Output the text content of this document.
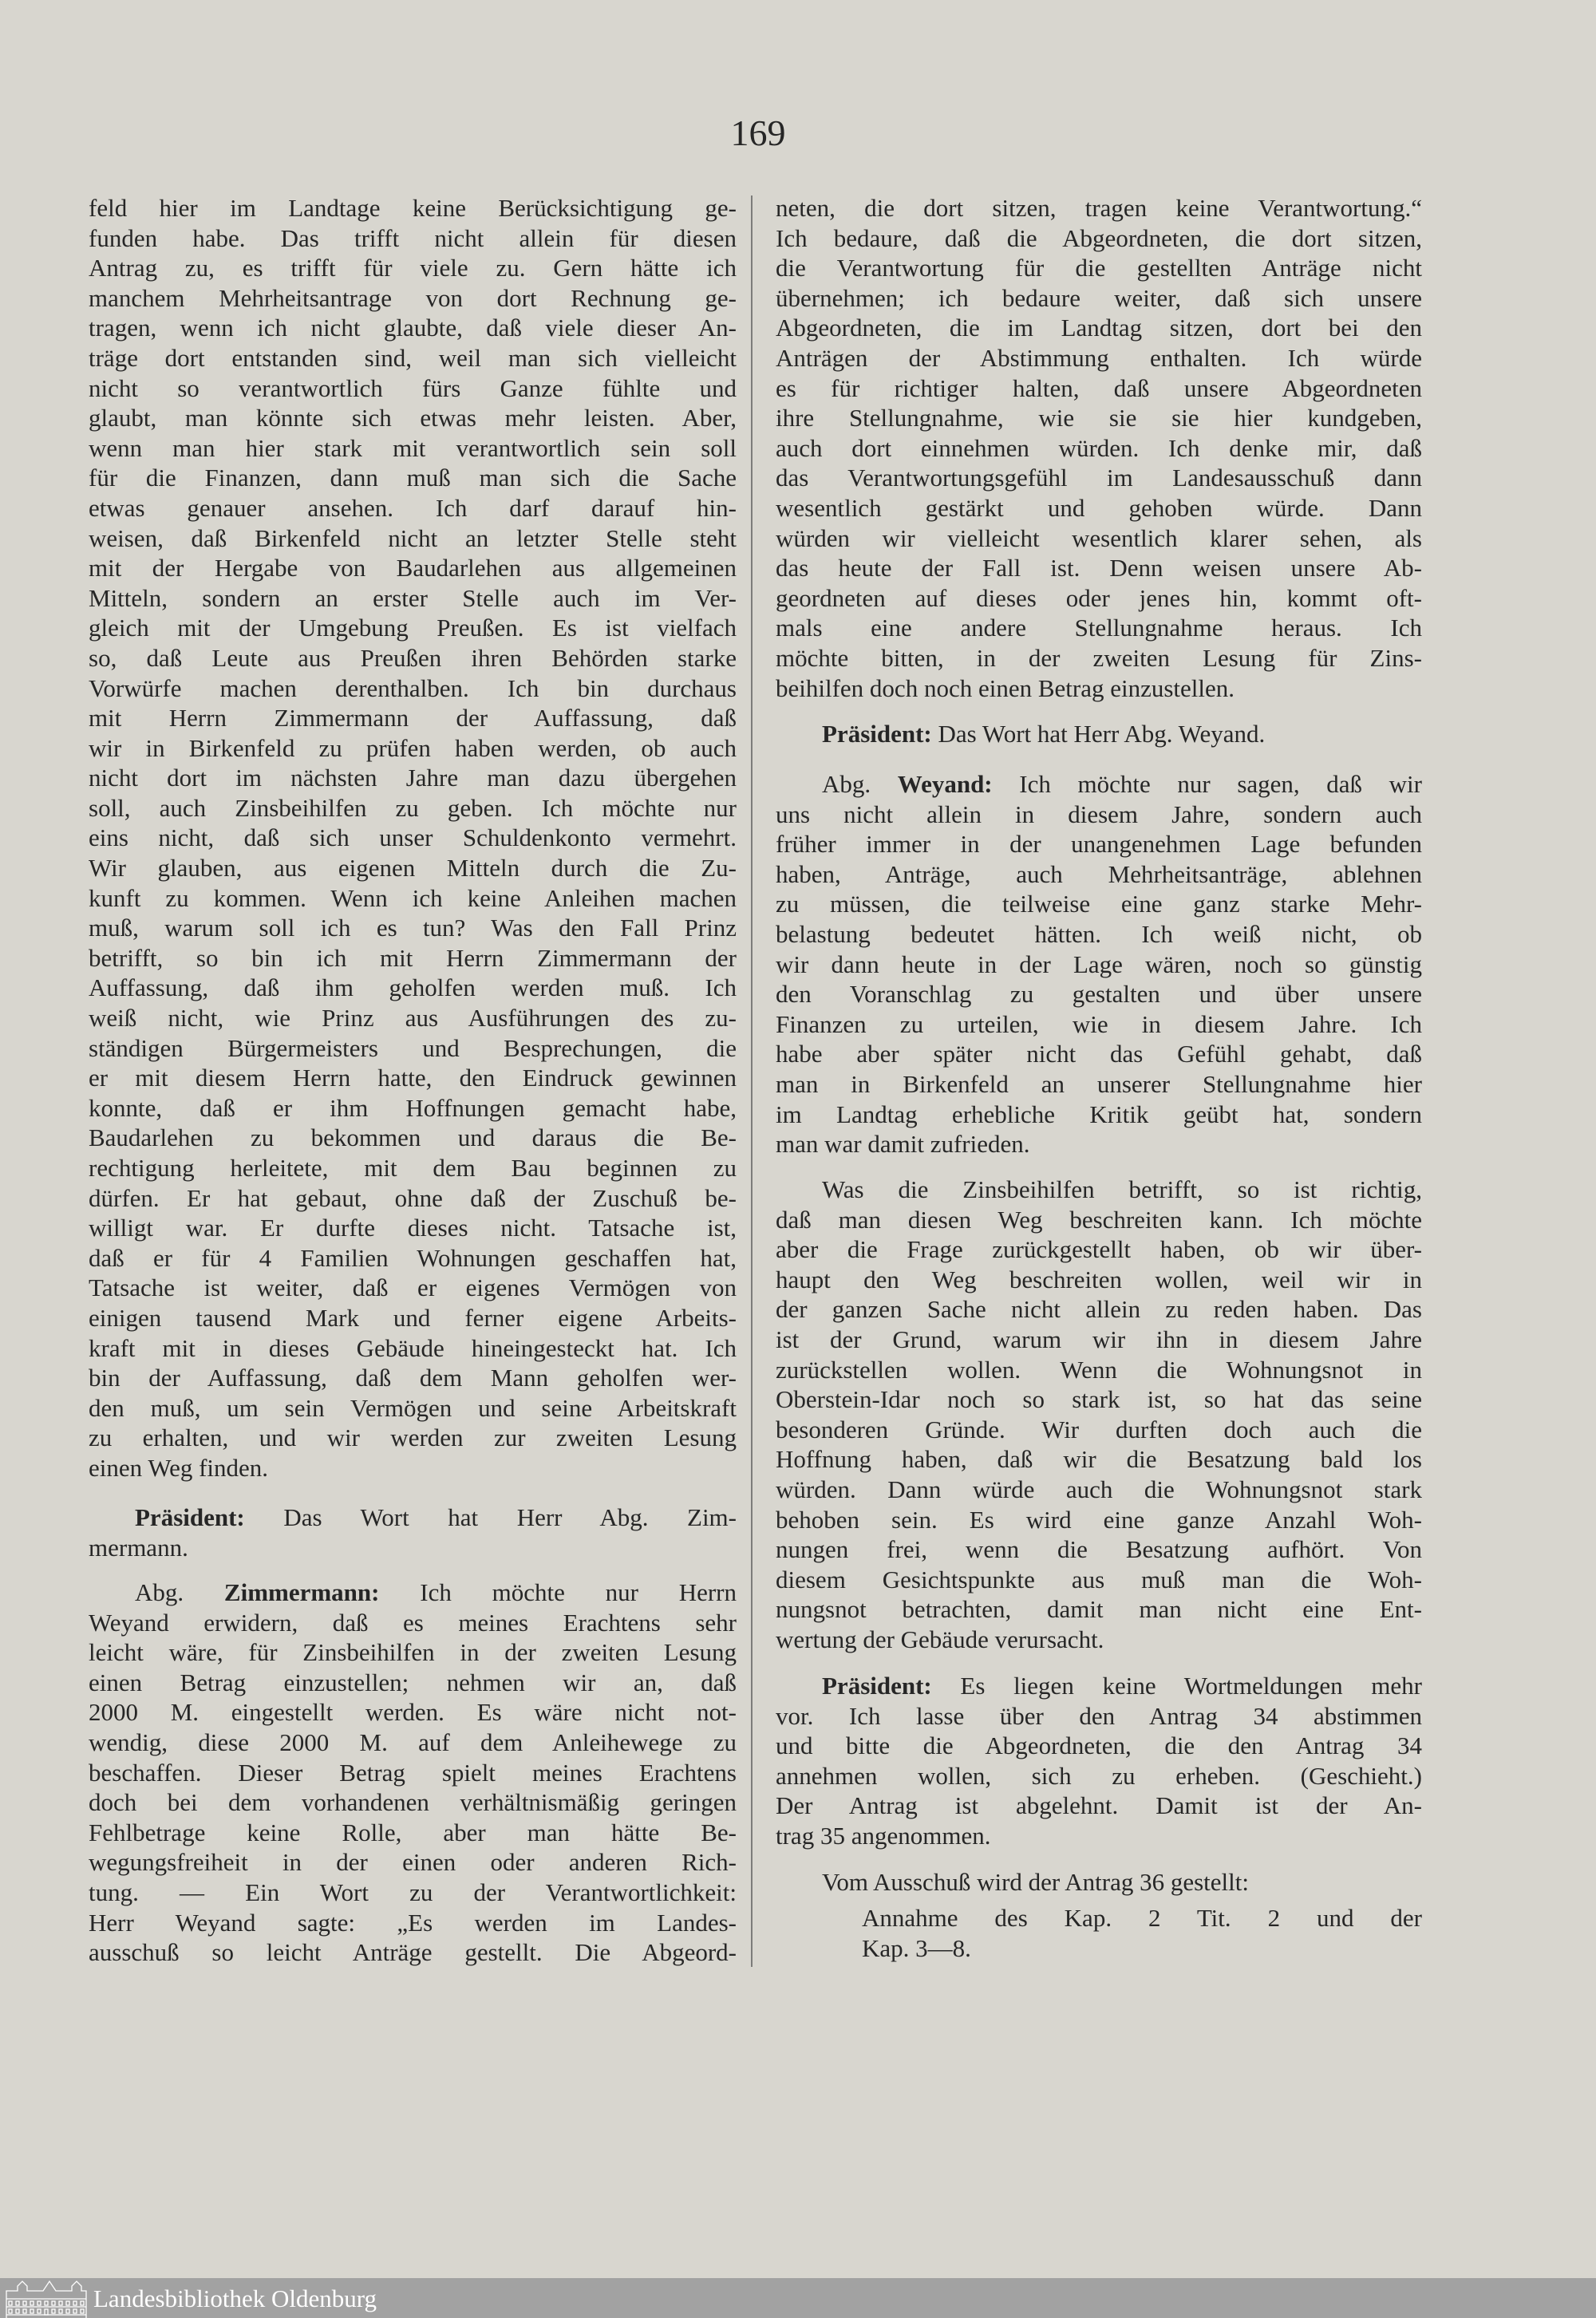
169
feld hier im Landtage keine Berücksichtigung ge-
funden habe. Das trifft nicht allein für diesen
Antrag zu, es trifft für viele zu. Gern hätte ich
manchem Mehrheitsantrage von dort Rechnung ge-
tragen, wenn ich nicht glaubte, daß viele dieser An-
träge dort entstanden sind, weil man sich vielleicht
nicht so verantwortlich fürs Ganze fühlte und
glaubt, man könnte sich etwas mehr leisten. Aber,
wenn man hier stark mit verantwortlich sein soll
für die Finanzen, dann muß man sich die Sache
etwas genauer ansehen. Ich darf darauf hin-
weisen, daß Birkenfeld nicht an letzter Stelle steht
mit der Hergabe von Baudarlehen aus allgemeinen
Mitteln, sondern an erster Stelle auch im Ver-
gleich mit der Umgebung Preußen. Es ist vielfach
so, daß Leute aus Preußen ihren Behörden starke
Vorwürfe machen derenthalben. Ich bin durchaus
mit Herrn Zimmermann der Auffassung, daß
wir in Birkenfeld zu prüfen haben werden, ob auch
nicht dort im nächsten Jahre man dazu übergehen
soll, auch Zinsbeihilfen zu geben. Ich möchte nur
eins nicht, daß sich unser Schuldenkonto vermehrt.
Wir glauben, aus eigenen Mitteln durch die Zu-
kunft zu kommen. Wenn ich keine Anleihen machen
muß, warum soll ich es tun? Was den Fall Prinz
betrifft, so bin ich mit Herrn Zimmermann der
Auffassung, daß ihm geholfen werden muß. Ich
weiß nicht, wie Prinz aus Ausführungen des zu-
ständigen Bürgermeisters und Besprechungen, die
er mit diesem Herrn hatte, den Eindruck gewinnen
konnte, daß er ihm Hoffnungen gemacht habe,
Baudarlehen zu bekommen und daraus die Be-
rechtigung herleitete, mit dem Bau beginnen zu
dürfen. Er hat gebaut, ohne daß der Zuschuß be-
willigt war. Er durfte dieses nicht. Tatsache ist,
daß er für 4 Familien Wohnungen geschaffen hat,
Tatsache ist weiter, daß er eigenes Vermögen von
einigen tausend Mark und ferner eigene Arbeits-
kraft mit in dieses Gebäude hineingesteckt hat. Ich
bin der Auffassung, daß dem Mann geholfen wer-
den muß, um sein Vermögen und seine Arbeitskraft
zu erhalten, und wir werden zur zweiten Lesung
einen Weg finden.
Präsident: Das Wort hat Herr Abg. Zim-
mermann.
Abg. Zimmermann: Ich möchte nur Herrn
Weyand erwidern, daß es meines Erachtens sehr
leicht wäre, für Zinsbeihilfen in der zweiten Lesung
einen Betrag einzustellen; nehmen wir an, daß
2000 M. eingestellt werden. Es wäre nicht not-
wendig, diese 2000 M. auf dem Anleihewege zu
beschaffen. Dieser Betrag spielt meines Erachtens
doch bei dem vorhandenen verhältnismäßig geringen
Fehlbetrage keine Rolle, aber man hätte Be-
wegungsfreiheit in der einen oder anderen Rich-
tung. — Ein Wort zu der Verantwortlichkeit:
Herr Weyand sagte: „Es werden im Landes-
ausschuß so leicht Anträge gestellt. Die Abgeord-
neten, die dort sitzen, tragen keine Verantwortung.“
Ich bedaure, daß die Abgeordneten, die dort sitzen,
die Verantwortung für die gestellten Anträge nicht
übernehmen; ich bedaure weiter, daß sich unsere
Abgeordneten, die im Landtag sitzen, dort bei den
Anträgen der Abstimmung enthalten. Ich würde
es für richtiger halten, daß unsere Abgeordneten
ihre Stellungnahme, wie sie sie hier kundgeben,
auch dort einnehmen würden. Ich denke mir, daß
das Verantwortungsgefühl im Landesausschuß dann
wesentlich gestärkt und gehoben würde. Dann
würden wir vielleicht wesentlich klarer sehen, als
das heute der Fall ist. Denn weisen unsere Ab-
geordneten auf dieses oder jenes hin, kommt oft-
mals eine andere Stellungnahme heraus. Ich
möchte bitten, in der zweiten Lesung für Zins-
beihilfen doch noch einen Betrag einzustellen.
Präsident: Das Wort hat Herr Abg. Weyand.
Abg. Weyand: Ich möchte nur sagen, daß wir
uns nicht allein in diesem Jahre, sondern auch
früher immer in der unangenehmen Lage befunden
haben, Anträge, auch Mehrheitsanträge, ablehnen
zu müssen, die teilweise eine ganz starke Mehr-
belastung bedeutet hätten. Ich weiß nicht, ob
wir dann heute in der Lage wären, noch so günstig
den Voranschlag zu gestalten und über unsere
Finanzen zu urteilen, wie in diesem Jahre. Ich
habe aber später nicht das Gefühl gehabt, daß
man in Birkenfeld an unserer Stellungnahme hier
im Landtag erhebliche Kritik geübt hat, sondern
man war damit zufrieden.
Was die Zinsbeihilfen betrifft, so ist richtig,
daß man diesen Weg beschreiten kann. Ich möchte
aber die Frage zurückgestellt haben, ob wir über-
haupt den Weg beschreiten wollen, weil wir in
der ganzen Sache nicht allein zu reden haben. Das
ist der Grund, warum wir ihn in diesem Jahre
zurückstellen wollen. Wenn die Wohnungsnot in
Oberstein-Idar noch so stark ist, so hat das seine
besonderen Gründe. Wir durften doch auch die
Hoffnung haben, daß wir die Besatzung bald los
würden. Dann würde auch die Wohnungsnot stark
behoben sein. Es wird eine ganze Anzahl Woh-
nungen frei, wenn die Besatzung aufhört. Von
diesem Gesichtspunkte aus muß man die Woh-
nungsnot betrachten, damit man nicht eine Ent-
wertung der Gebäude verursacht.
Präsident: Es liegen keine Wortmeldungen mehr
vor. Ich lasse über den Antrag 34 abstimmen
und bitte die Abgeordneten, die den Antrag 34
annehmen wollen, sich zu erheben. (Geschieht.)
Der Antrag ist abgelehnt. Damit ist der An-
trag 35 angenommen.
Vom Ausschuß wird der Antrag 36 gestellt:
Annahme des Kap. 2 Tit. 2 und der
Kap. 3—8.
Landesbibliothek Oldenburg
